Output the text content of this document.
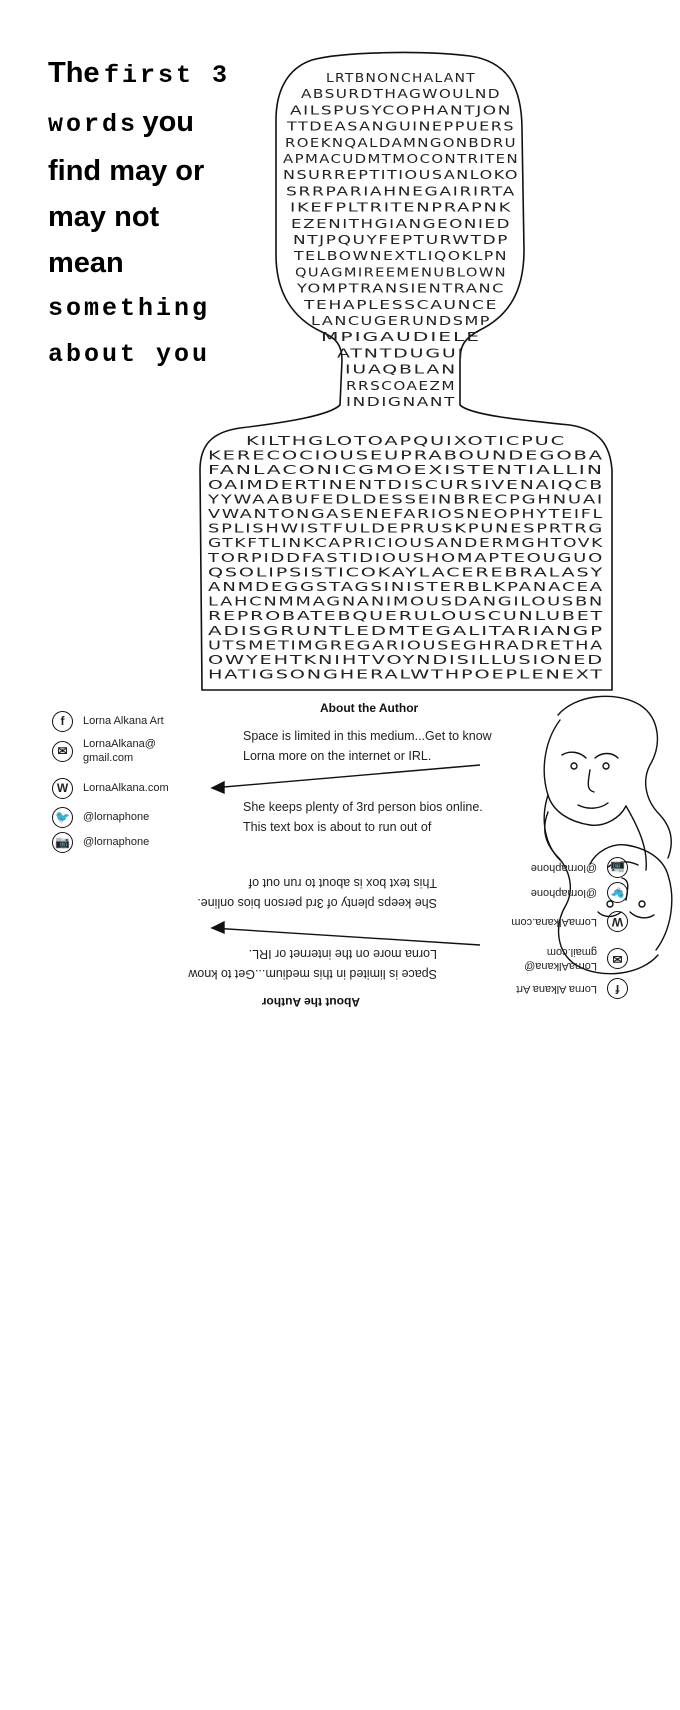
The first 3
words you
find may or
may not
mean
something
about you
LRTBNONCHALANT
ABSURDTHAGWOULND
AILSPUSYCOPHANTJON
TTDEASANGUINEPPUERS
ROEKNQALDAMNGONBDRU
APMACUDMTMOCONTRITEN
NSURREPTITIOUSANLOKO
SRRPARIAHNEGAIRIRTA
IKEFPLTRITENPRAPNK
EZENITHGIANGEONIED
NTJPQUYFEPTURWTDP
TELBOWNEXTLIQOKLPN
QUAGMIREEMENUBLOWN
YOMPTRANSIENTRANC
TEHAPLESSCAUNCE
LANCUGERUNDSMP
MPIGAUDIELE
ATNTDUGUI
IUAQBLAN
RRSCOAEZM
INDIGNANT
KILTHGLOTOAPQUIXOTICPUC
KERECOCIOUSEUPRABOUNDEGOBA
FANLACONICGMOEXISTENTIALLIN
OAIMDERTINENTDISCURSIVENAIQCB
YYWAABUFEDLDESSEINBRECPGHNUAI
VWANTONGASENEFARIOSNEOPHYTEIFL
SPLISHWISTFULDEPRUSKPUNESPRTRG
GTKFTLINKCAPRICIOUSANDERMGHTOVK
TORPIDDFASTIDIOUSHOMAPTEOUGUO
QSOLIPSISTICOKAYLACEREBRALASY
ANMDEGGSTAGSINISTERBLKPANACEA
LAHCNMMAGNANIMOUSDANGILOUSBN
REPROBATEBQUERULOUSCUNLUBET
ADISGRUNTLEDMTEGALITARIANGP
UTSMETIMGREGARIOUSEGHRADRETHA
OWYEHTKNIHTVOYNDISILLUSIONED
HATIGSONGHERALWTHPOEPLENEXT
About the Author
Space is limited in this medium...Get to know Lorna more on the internet or IRL.
She keeps plenty of 3rd person bios online. This text box is about to run out of
f	Lorna Alkana Art
✉	LornaAlkana@
gmail.com
W	LornaAlkana.com
🐦 @lornaphone
📷 @lornaphone
About the Author
Space is limited in this medium...Get to know Lorna more on the internet or IRL.
She keeps plenty of 3rd person bios online. This text box is about to run out of
f
Lorna Alkana Art
✉
LornaAlkana@
gmail.com
W
LornaAlkana.com
🐦
@lornaphone
📷
@lornaphone
